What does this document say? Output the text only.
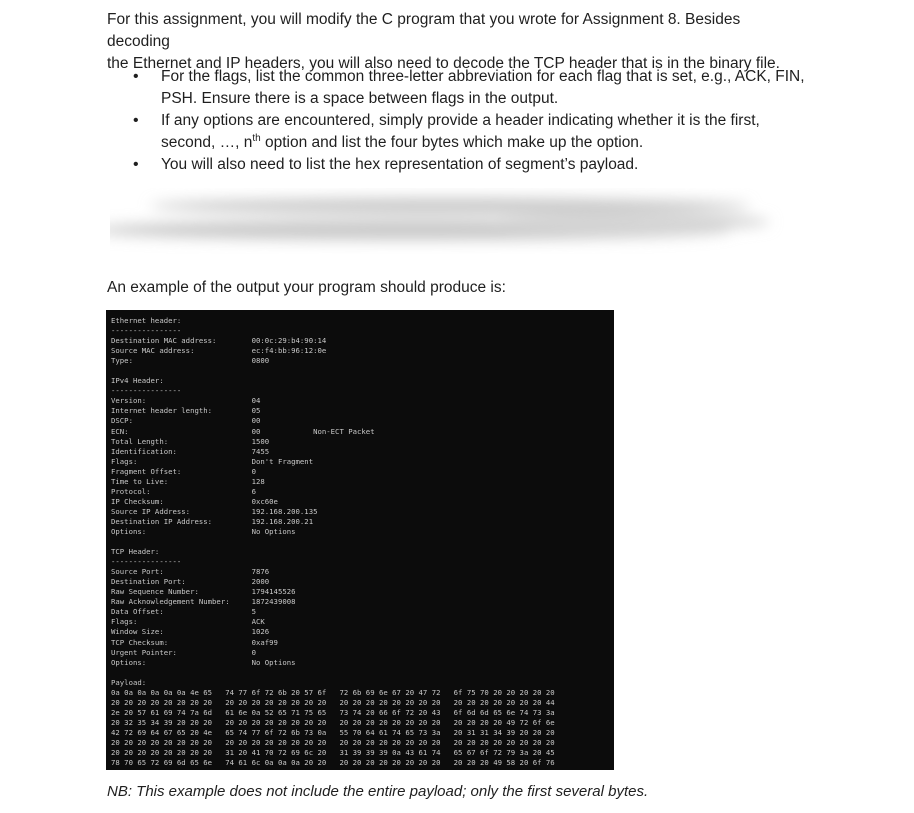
For this assignment, you will modify the C program that you wrote for Assignment 8. Besides decoding
the Ethernet and IP headers, you will also need to decode the TCP header that is in the binary file.

• For the flags, list the common three-letter abbreviation for each flag that is set, e.g., ACK, FIN,
PSH. Ensure there is a space between flags in the output.
• If any options are encountered, simply provide a header indicating whether it is the first,
second, …, $n^{th}$ option and list the four bytes which make up the option.
• You will also need to list the hex representation of segment’s payload.

An example of the output your program should produce is:

Ethernet header:
----------------
Destination MAC address:        00:0c:29:b4:90:14
Source MAC address:             ec:f4:bb:96:12:0e
Type:                           0800

IPv4 Header:
----------------
Version:                        04
Internet header length:         05
DSCP:                           00
ECN:                            00            Non-ECT Packet
Total Length:                   1500
Identification:                 7455
Flags:                          Don't Fragment
Fragment Offset:                0
Time to Live:                   128
Protocol:                       6
IP Checksum:                    0xc60e
Source IP Address:              192.168.200.135
Destination IP Address:         192.168.200.21
Options:                        No Options

TCP Header:
----------------
Source Port:                    7876
Destination Port:               2000
Raw Sequence Number:            1794145526
Raw Acknowledgement Number:     1872439008
Data Offset:                    5
Flags:                          ACK
Window Size:                    1026
TCP Checksum:                   0xaf99
Urgent Pointer:                 0
Options:                        No Options

Payload:
0a 0a 0a 0a 0a 0a 4e 65   74 77 6f 72 6b 20 57 6f   72 6b 69 6e 67 20 47 72   6f 75 70 20 20 20 20 20
20 20 20 20 20 20 20 20   20 20 20 20 20 20 20 20   20 20 20 20 20 20 20 20   20 20 20 20 20 20 20 44
2e 20 57 61 69 74 7a 6d   61 6e 0a 52 65 71 75 65   73 74 20 66 6f 72 20 43   6f 6d 6d 65 6e 74 73 3a
20 32 35 34 39 20 20 20   20 20 20 20 20 20 20 20   20 20 20 20 20 20 20 20   20 20 20 20 49 72 6f 6e
42 72 69 64 67 65 20 4e   65 74 77 6f 72 6b 73 0a   55 70 64 61 74 65 73 3a   20 31 31 34 39 20 20 20
20 20 20 20 20 20 20 20   20 20 20 20 20 20 20 20   20 20 20 20 20 20 20 20   20 20 20 20 20 20 20 20
20 20 20 20 20 20 20 20   31 20 41 70 72 69 6c 20   31 39 39 39 0a 43 61 74   65 67 6f 72 79 3a 20 45
78 70 65 72 69 6d 65 6e   74 61 6c 0a 0a 0a 20 20   20 20 20 20 20 20 20 20   20 20 20 49 58 20 6f 76

NB: This example does not include the entire payload; only the first several bytes.
